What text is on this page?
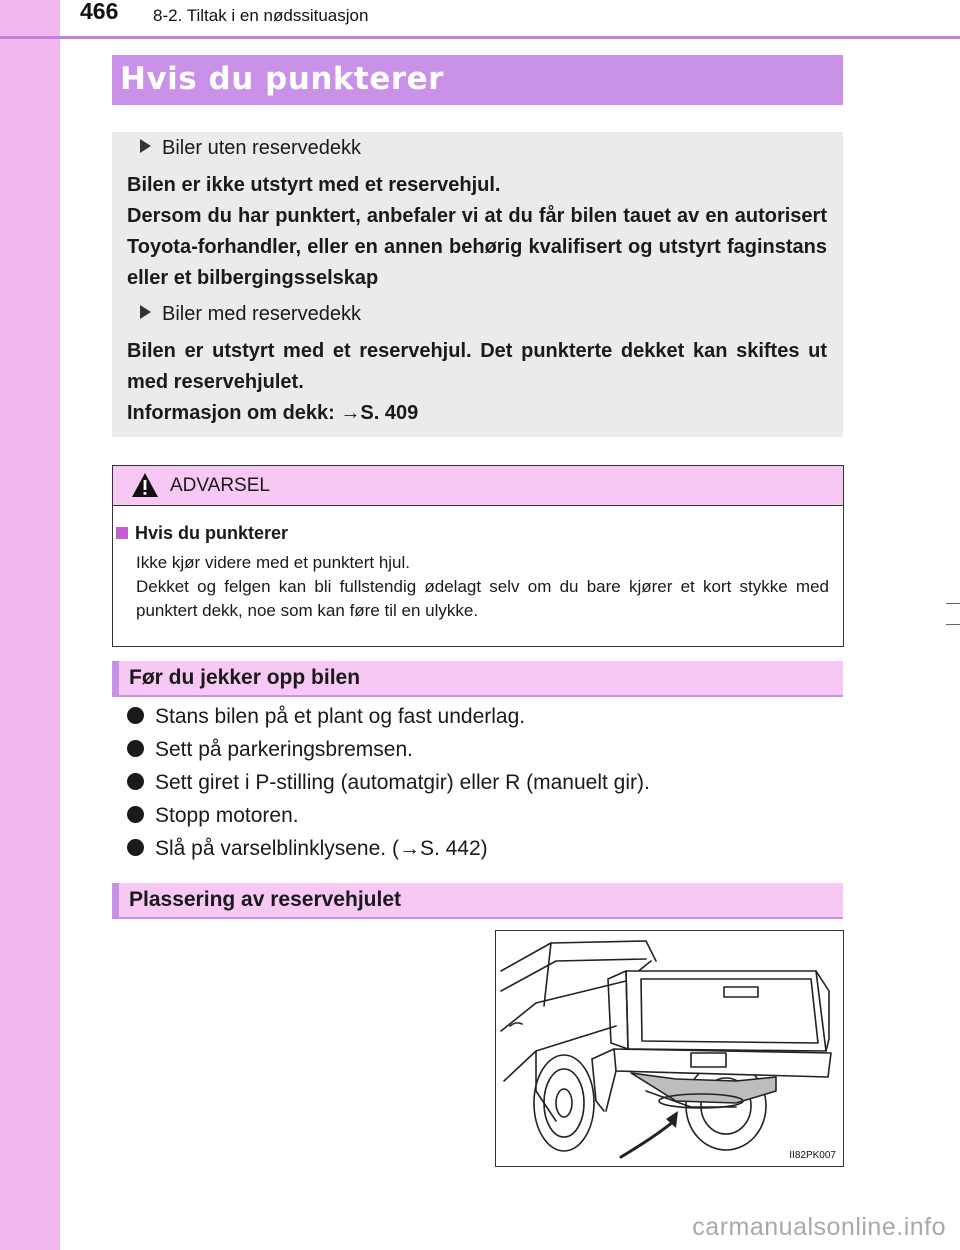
466 8-2. Tiltak i en nødssituasjon
Hvis du punkterer
Biler uten reservedekk
Bilen er ikke utstyrt med et reservehjul.
Dersom du har punktert, anbefaler vi at du får bilen tauet av en autorisert Toyota-forhandler, eller en annen behørig kvalifisert og utstyrt faginstans eller et bilbergingsselskap
Biler med reservedekk
Bilen er utstyrt med et reservehjul. Det punkterte dekket kan skiftes ut med reservehjulet.
Informasjon om dekk: →S. 409
ADVARSEL
Hvis du punkterer
Ikke kjør videre med et punktert hjul.
Dekket og felgen kan bli fullstendig ødelagt selv om du bare kjører et kort stykke med punktert dekk, noe som kan føre til en ulykke.
Før du jekker opp bilen
Stans bilen på et plant og fast underlag.
Sett på parkeringsbremsen.
Sett giret i P-stilling (automatgir) eller R (manuelt gir).
Stopp motoren.
Slå på varselblinklysene. (→S. 442)
Plassering av reservehjulet
II82PK007
carmanualsonline.info
